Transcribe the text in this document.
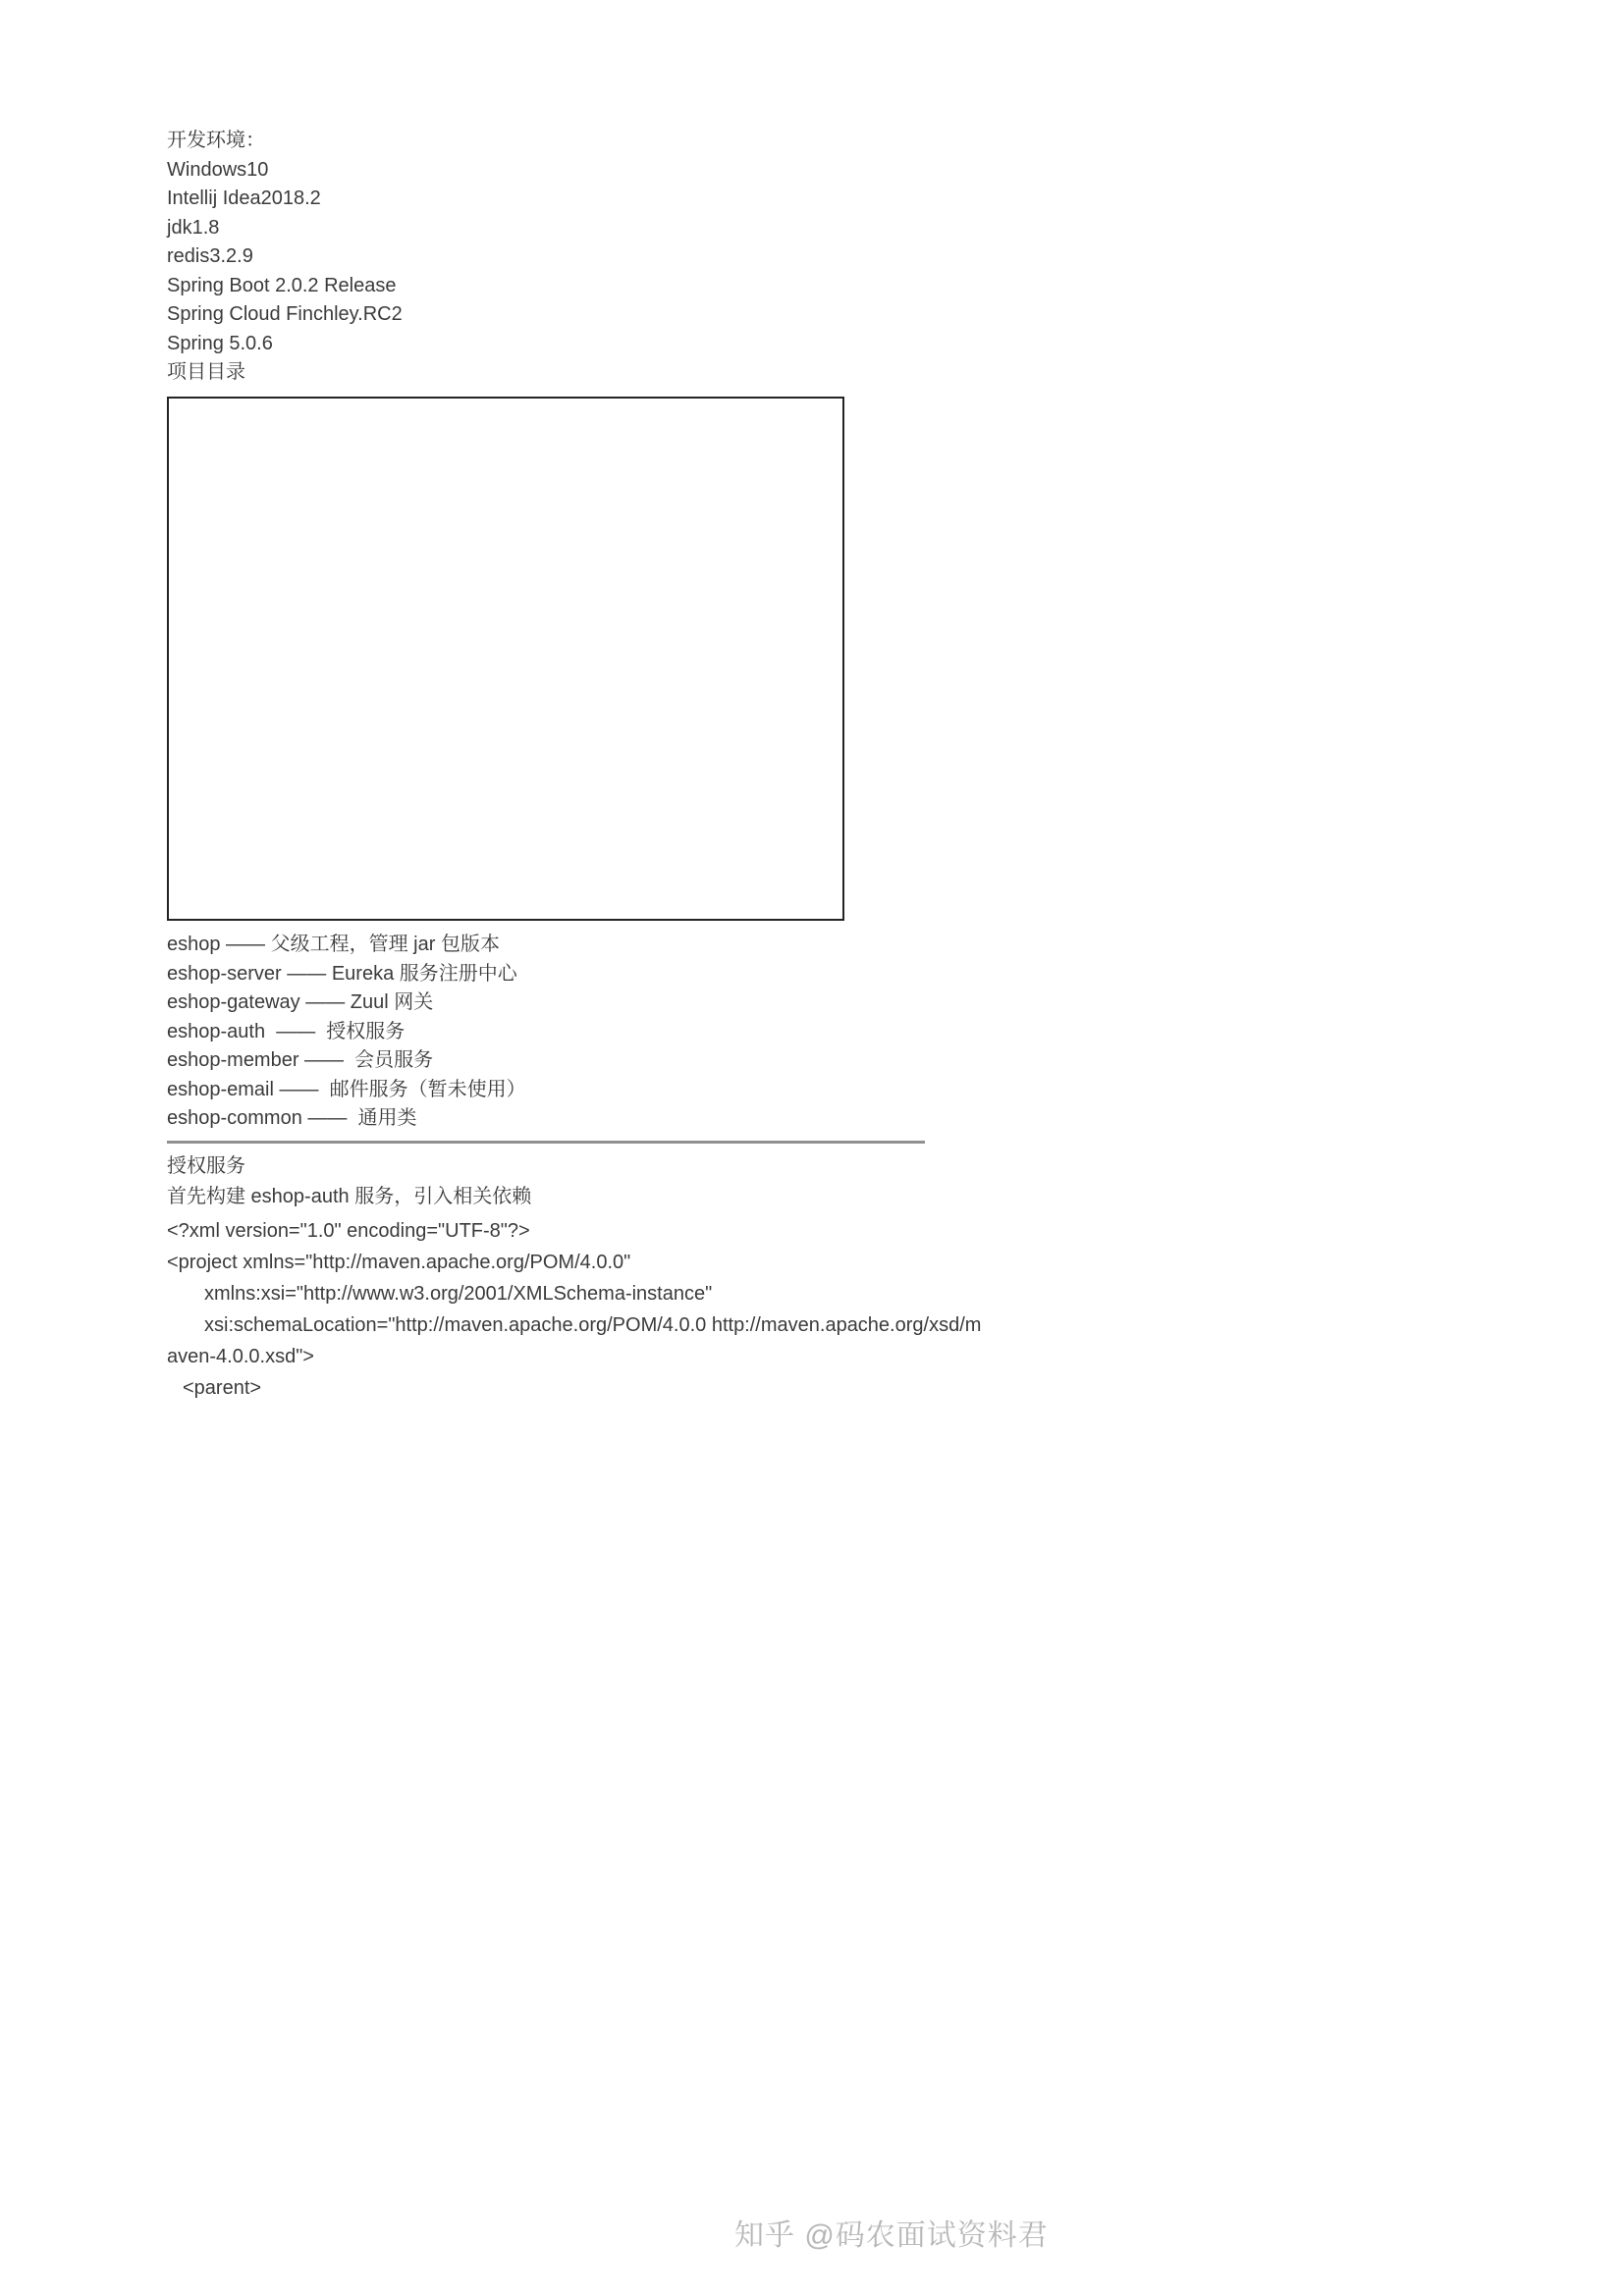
开发环境：

Windows10

Intellij Idea2018.2

jdk1.8

redis3.2.9

Spring Boot 2.0.2 Release

Spring Cloud Finchley.RC2

Spring 5.0.6

项目目录

eshop —— 父级工程，管理 jar 包版本

eshop-server —— Eureka 服务注册中心

eshop-gateway —— Zuul 网关

eshop-auth  ——  授权服务

eshop-member ——  会员服务

eshop-email ——  邮件服务（暂未使用）

eshop-common ——  通用类

授权服务

首先构建 eshop-auth 服务，引入相关依赖

<?xml version="1.0" encoding="UTF-8"?>

<project xmlns="http://maven.apache.org/POM/4.0.0"

xmlns:xsi="http://www.w3.org/2001/XMLSchema-instance"

xsi:schemaLocation="http://maven.apache.org/POM/4.0.0 http://maven.apache.org/xsd/m

aven-4.0.0.xsd">

<parent>

知乎 @码农面试资料君
